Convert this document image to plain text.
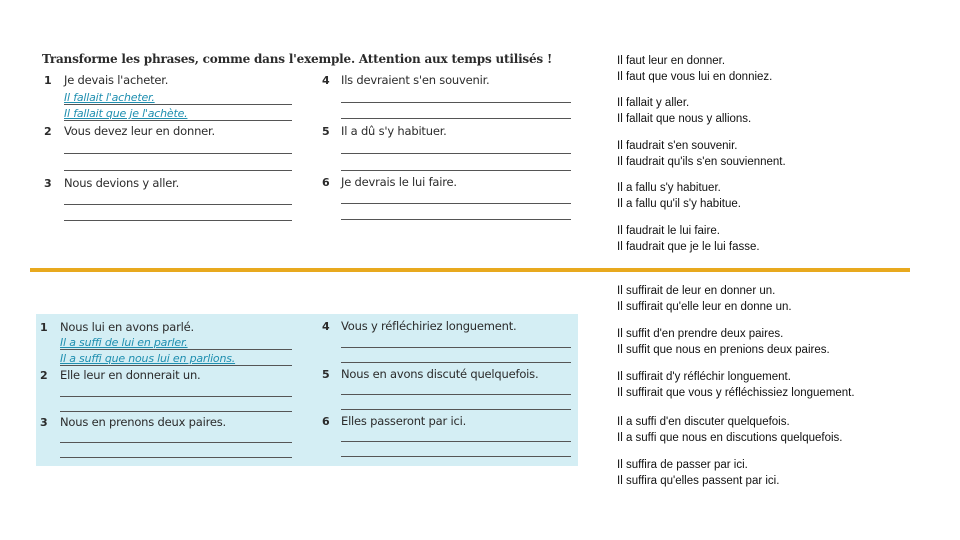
Transforme les phrases, comme dans l'exemple. Attention aux temps utilisés !
1 Je devais l'acheter.
Il fallait l'acheter.
Il fallait que je l'achète.
2 Vous devez leur en donner.
3 Nous devions y aller.
4 Ils devraient s'en souvenir.
5 Il a dû s'y habituer.
6 Je devrais le lui faire.
1 Nous lui en avons parlé.
Il a suffi de lui en parler.
Il a suffi que nous lui en parlions.
2 Elle leur en donnerait un.
3 Nous en prenons deux paires.
4 Vous y réfléchiriez longuement.
5 Nous en avons discuté quelquefois.
6 Elles passeront par ici.
Il faut leur en donner.
Il faut que vous lui en donniez.
Il fallait y aller.
Il fallait que nous y allions.
Il faudrait s'en souvenir.
Il faudrait qu'ils s'en souviennent.
Il a fallu s'y habituer.
Il a fallu qu'il s'y habitue.
Il faudrait le lui faire.
Il faudrait que je le lui fasse.
Il suffirait de leur en donner un.
Il suffirait qu'elle leur en donne un.
Il suffit d'en prendre deux paires.
Il suffit que nous en prenions deux paires.
Il suffirait d'y réfléchir longuement.
Il suffirait que vous y réfléchissiez longuement.
Il a suffi d'en discuter quelquefois.
Il a suffi que nous en discutions quelquefois.
Il suffira de passer par ici.
Il suffira qu'elles passent par ici.
